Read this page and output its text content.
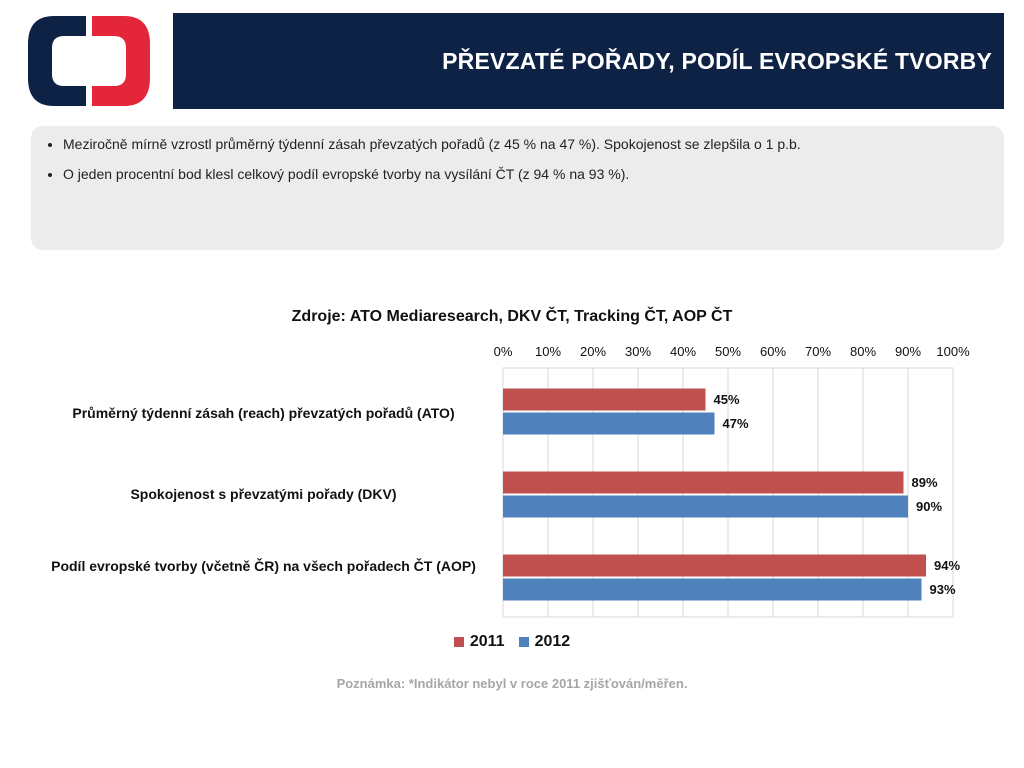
PŘEVZATÉ POŘADY, PODÍL EVROPSKÉ TVORBY
• Meziročně mírně vzrostl průměrný týdenní zásah převzatých pořadů (z 45 % na 47 %). Spokojenost se zlepšila o 1 p.b.
• O jeden procentní bod klesl celkový podíl evropské tvorby na vysílání ČT (z 94 % na 93 %).
Zdroje: ATO Mediaresearch, DKV ČT, Tracking ČT, AOP ČT
Průměrný týdenní zásah (reach) převzatých pořadů (ATO)
Spokojenost s převzatými pořady (DKV)
Podíl evropské tvorby (včetně ČR) na všech pořadech ČT (AOP)
0% 10% 20% 30% 40% 50% 60% 70% 80% 90% 100%
45%
47%
89%
90%
94%
93%
2011 2012
Poznámka: *Indikátor nebyl v roce 2011 zjišťován/měřen.
